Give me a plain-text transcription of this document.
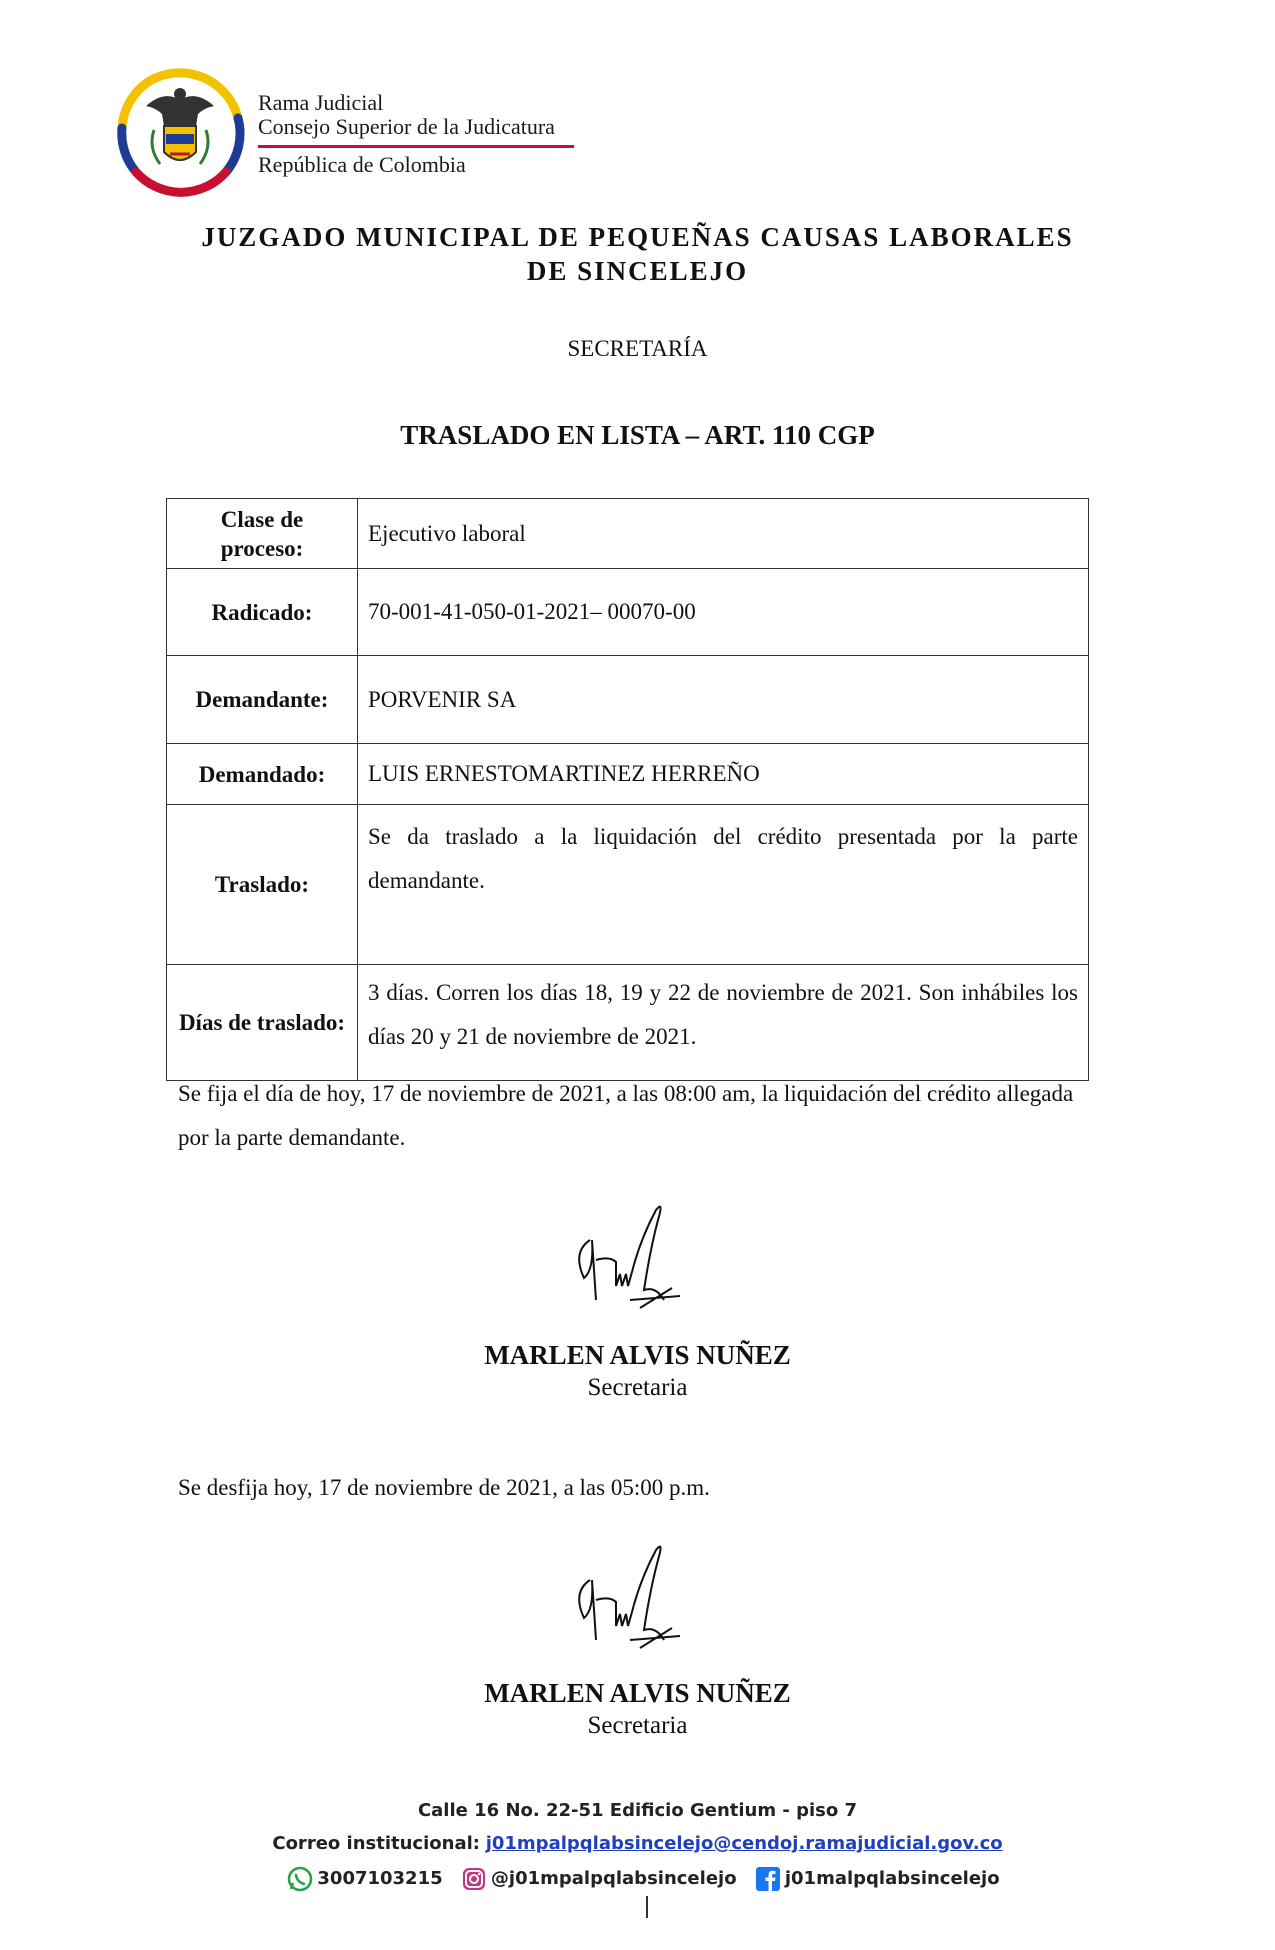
Rama Judicial
Consejo Superior de la Judicatura
República de Colombia
JUZGADO MUNICIPAL DE PEQUEÑAS CAUSAS LABORALES
DE SINCELEJO
SECRETARÍA
TRASLADO EN LISTA – ART. 110 CGP
Clase de proceso:	Ejecutivo laboral
Radicado:	70-001-41-050-01-2021– 00070-00
Demandante:	PORVENIR SA
Demandado:	LUIS ERNESTOMARTINEZ HERREÑO
Traslado:	Se da traslado a la liquidación del crédito presentada por la parte demandante.
Días de traslado:	3 días. Corren los días 18, 19 y 22 de noviembre de 2021. Son inhábiles los días 20 y 21 de noviembre de 2021.
Se fija el día de hoy, 17 de noviembre de 2021, a las 08:00 am, la liquidación del crédito allegada por la parte demandante.
MARLEN ALVIS NUÑEZ
Secretaria
Se desfija hoy, 17 de noviembre de 2021, a las 05:00 p.m.
MARLEN ALVIS NUÑEZ
Secretaria
Calle 16 No. 22-51 Edificio Gentium - piso 7
Correo institucional: j01mpalpqlabsincelejo@cendoj.ramajudicial.gov.co
3007103215	@j01mpalpqlabsincelejo	j01malpqlabsincelejo
